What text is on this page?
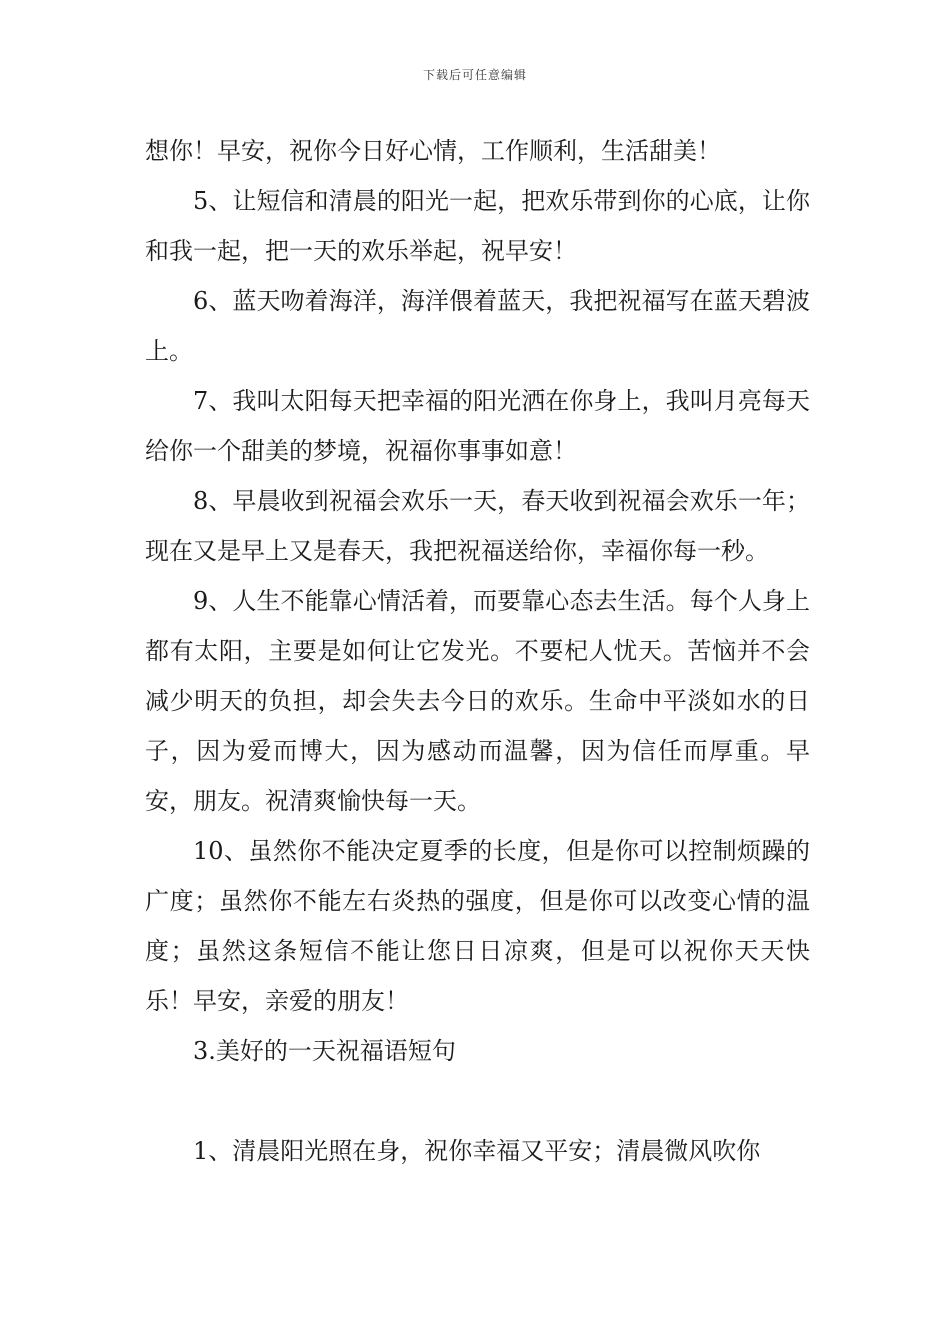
下载后可任意编辑

想你！早安，祝你今日好心情，工作顺利，生活甜美！

5、让短信和清晨的阳光一起，把欢乐带到你的心底，让你和我一起，把一天的欢乐举起，祝早安！

6、蓝天吻着海洋，海洋偎着蓝天，我把祝福写在蓝天碧波上。

7、我叫太阳每天把幸福的阳光洒在你身上，我叫月亮每天给你一个甜美的梦境，祝福你事事如意！

8、早晨收到祝福会欢乐一天，春天收到祝福会欢乐一年；现在又是早上又是春天，我把祝福送给你，幸福你每一秒。

9、人生不能靠心情活着，而要靠心态去生活。每个人身上都有太阳，主要是如何让它发光。不要杞人忧天。苦恼并不会减少明天的负担，却会失去今日的欢乐。生命中平淡如水的日子，因为爱而博大，因为感动而温馨，因为信任而厚重。早安，朋友。祝清爽愉快每一天。

10、虽然你不能决定夏季的长度，但是你可以控制烦躁的广度；虽然你不能左右炎热的强度，但是你可以改变心情的温度；虽然这条短信不能让您日日凉爽，但是可以祝你天天快乐！早安，亲爱的朋友！

3.美好的一天祝福语短句

1、清晨阳光照在身，祝你幸福又平安；清晨微风吹你
